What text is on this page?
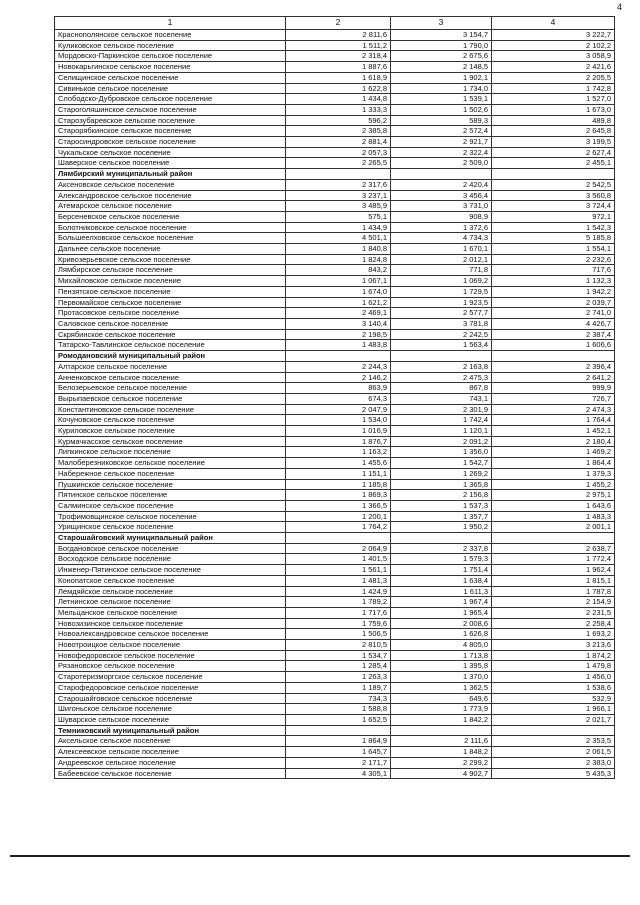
4
1	2	3	4
Краснополянское сельское поселение	2 811,6	3 154,7	3 222,7
Куликовское сельское поселение	1 511,2	1 790,0	2 102,2
Мордовско-Паркинское сельское поселение	2 318,4	2 675,6	3 058,9
Новокарьгинское сельское поселение	1 887,6	2 148,5	2 421,6
Селищинское сельское поселение	1 618,9	1 902,1	2 205,5
Сивинькое сельское поселение	1 622,8	1 734,0	1 742,8
Слободско-Дубровское сельское поселение	1 434,8	1 539,1	1 527,0
Староголяшинское сельское поселение	1 333,3	1 502,6	1 673,0
Старозубаревское сельское поселение	596,2	589,3	489,8
Старорябкинское сельское поселение	2 385,8	2 572,4	2 645,8
Старосиндровское сельское поселение	2 881,4	2 921,7	3 199,5
Чукальское сельское поселение	2 057,3	2 322,4	2 627,4
Шаверское сельское поселение	2 265,5	2 509,0	2 455,1
Лямбирский муниципальный район			
Аксеновское сельское поселение	2 317,6	2 420,4	2 542,5
Александровское сельское поселение	3 237,1	3 456,4	3 560,8
Атемарское сельское поселение	3 485,9	3 731,0	3 724,4
Берсеневское сельское поселение	575,1	908,9	972,1
Болотниковское сельское поселение	1 434,9	1 372,6	1 542,3
Большеелховское сельское поселение	4 501,1	4 734,3	5 185,8
Дальнее сельское поселение	1 840,8	1 670,1	1 554,1
Кривозерьевское сельское поселение	1 824,8	2 012,1	2 232,6
Лямбирское сельское поселение	843,2	771,8	717,6
Михайловское сельское поселение	1 067,1	1 069,2	1 132,3
Пензятское сельское поселение	1 674,0	1 729,5	1 942,2
Первомайское сельское поселение	1 621,2	1 923,5	2 039,7
Протасовское сельское поселение	2 469,1	2 577,7	2 741,0
Саловское сельское поселение	3 140,4	3 781,8	4 426,7
Скрябинское сельское поселение	2 198,5	2 242,5	2 387,4
Татарско-Тавлинское сельское поселение	1 483,8	1 563,4	1 606,6
Ромодановский муниципальный район			
Алтарское сельское поселение	2 244,3	2 163,8	2 396,4
Анненковское сельское поселение	2 146,2	2 475,3	2 641,2
Белозерьевское сельское поселение	863,9	867,8	999,9
Вырыпаевское сельское поселение	674,3	743,1	726,7
Константиновское сельское поселение	2 047,9	2 301,9	2 474,3
Кочуновское сельское поселение	1 534,0	1 742,4	1 764,4
Куриловское сельское поселение	1 016,9	1 120,1	1 452,1
Курмачкасское сельское поселение	1 876,7	2 091,2	2 180,4
Липкинское сельское поселение	1 163,2	1 356,0	1 469,2
Малоберезниковское сельское поселение	1 455,6	1 542,7	1 864,4
Набережное сельское поселение	1 151,1	1 269,2	1 379,3
Пушкинское сельское поселение	1 185,8	1 365,8	1 455,2
Пятинское сельское поселение	1 869,3	2 156,8	2 975,1
Салминское сельское поселение	1 366,5	1 537,3	1 643,6
Трофимовщинское сельское поселение	1 200,1	1 357,7	1 483,3
Урищинское сельское поселение	1 764,2	1 950,2	2 001,1
Старошайговский муниципальный район			
Богдановское сельское поселение	2 064,9	2 337,8	2 638,7
Восходское сельское поселение	1 401,5	1 579,3	1 772,4
Инженер-Пятинское сельское поселение	1 561,1	1 751,4	1 962,4
Конопатское сельское поселение	1 481,3	1 638,4	1 815,1
Лемдяйское сельское поселение	1 424,9	1 611,3	1 787,8
Летнинское сельское поселение	1 789,2	1 967,4	2 154,9
Мельцанское сельское поселение	1 717,6	1 965,4	2 231,5
Новозизинское сельское поселение	1 759,6	2 008,6	2 258,4
Новоалександровское сельское поселение	1 506,5	1 626,8	1 693,2
Новотроицкое сельское поселение	2 810,5	4 805,0	3 213,6
Новофедоровское сельское поселение	1 534,7	1 713,8	1 874,2
Рязановское сельское поселение	1 285,4	1 395,8	1 479,8
Старотеризморгское сельское поселение	1 263,3	1 370,0	1 456,0
Старофедоровское сельское поселение	1 189,7	1 362,5	1 538,6
Старошайговское сельское поселение	734,3	649,6	532,9
Шигоньское сельское поселение	1 588,8	1 773,9	1 966,1
Шуварское сельское поселение	1 652,5	1 842,2	2 021,7
Темниковский муниципальный район			
Аксельское сельское поселение	1 864,9	2 111,6	2 353,5
Алексеевское сельское поселение	1 645,7	1 848,2	2 061,5
Андреевское сельское поселение	2 171,7	2 299,2	2 383,0
Бабеевское сельское поселение	4 305,1	4 902,7	5 435,3
